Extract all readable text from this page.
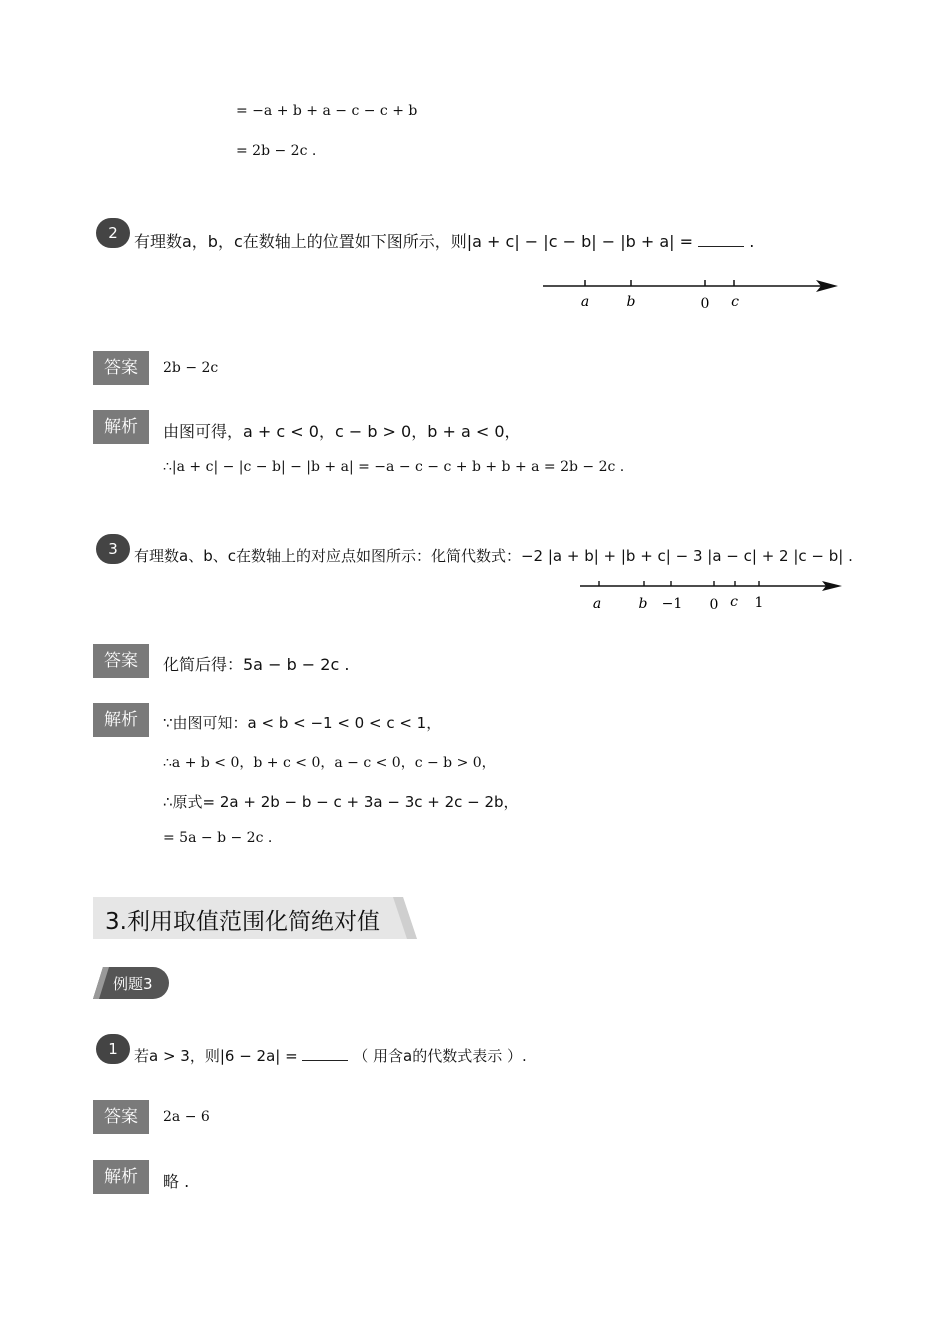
= −a + b + a − c − c + b
= 2b − 2c .
2	有理数a，b，c在数轴上的位置如下图所示，则|a + c| − |c − b| − |b + a| =	.
a	b	0 c
答案	2b − 2c
解析	由图可得，a + c < 0，c − b > 0，b + a < 0，
∴|a + c| − |c − b| − |b + a| = −a − c − c + b + b + a = 2b − 2c .
3	有理数a、b、c在数轴上的对应点如图所示：化简代数式：−2 |a + b| + |b + c| − 3 |a − c| + 2 |c − b| .
a	b −1 0 c 1
答案	化简后得：5a − b − 2c .
解析	∵由图可知：a < b < −1 < 0 < c < 1，
∴a + b < 0，b + c < 0，a − c < 0，c − b > 0，
∴原式= 2a + 2b − b − c + 3a − 3c + 2c − 2b，
= 5a − b − 2c .
3.利用取值范围化简绝对值
例题3
1	若a > 3，则|6 − 2a| =	（ 用含a的代数式表示 ）.
答案	2a − 6
解析	略 .
